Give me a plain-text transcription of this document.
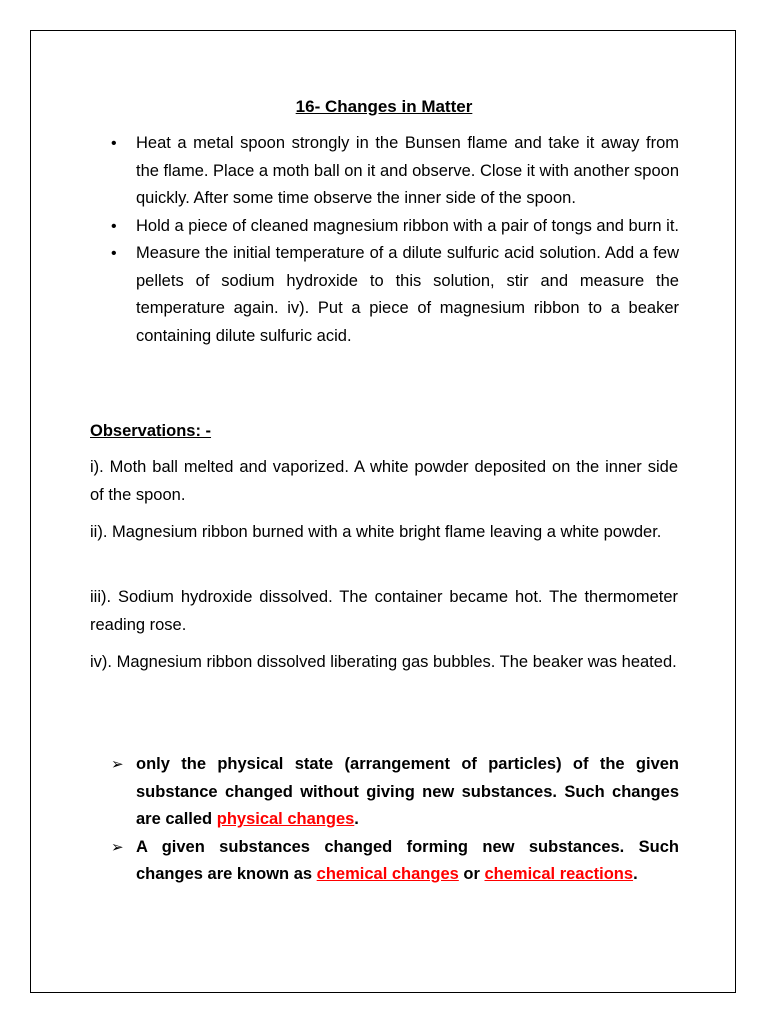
16- Changes in Matter
• Heat a metal spoon strongly in the Bunsen flame and take it away from the flame. Place a moth ball on it and observe. Close it with another spoon quickly. After some time observe the inner side of the spoon.
• Hold a piece of cleaned magnesium ribbon with a pair of tongs and burn it.
• Measure the initial temperature of a dilute sulfuric acid solution. Add a few pellets of sodium hydroxide to this solution, stir and measure the temperature again. iv). Put a piece of magnesium ribbon to a beaker containing dilute sulfuric acid.
Observations: -

i). Moth ball melted and vaporized. A white powder deposited on the inner side of the spoon.

ii). Magnesium ribbon burned with a white bright flame leaving a white powder.

iii). Sodium hydroxide dissolved. The container became hot. The thermometer reading rose.

iv). Magnesium ribbon dissolved liberating gas bubbles. The beaker was heated.

➢ only the physical state (arrangement of particles) of the given substance changed without giving new substances. Such changes are called physical changes.
➢ A given substances changed forming new substances. Such changes are known as chemical changes or chemical reactions.
